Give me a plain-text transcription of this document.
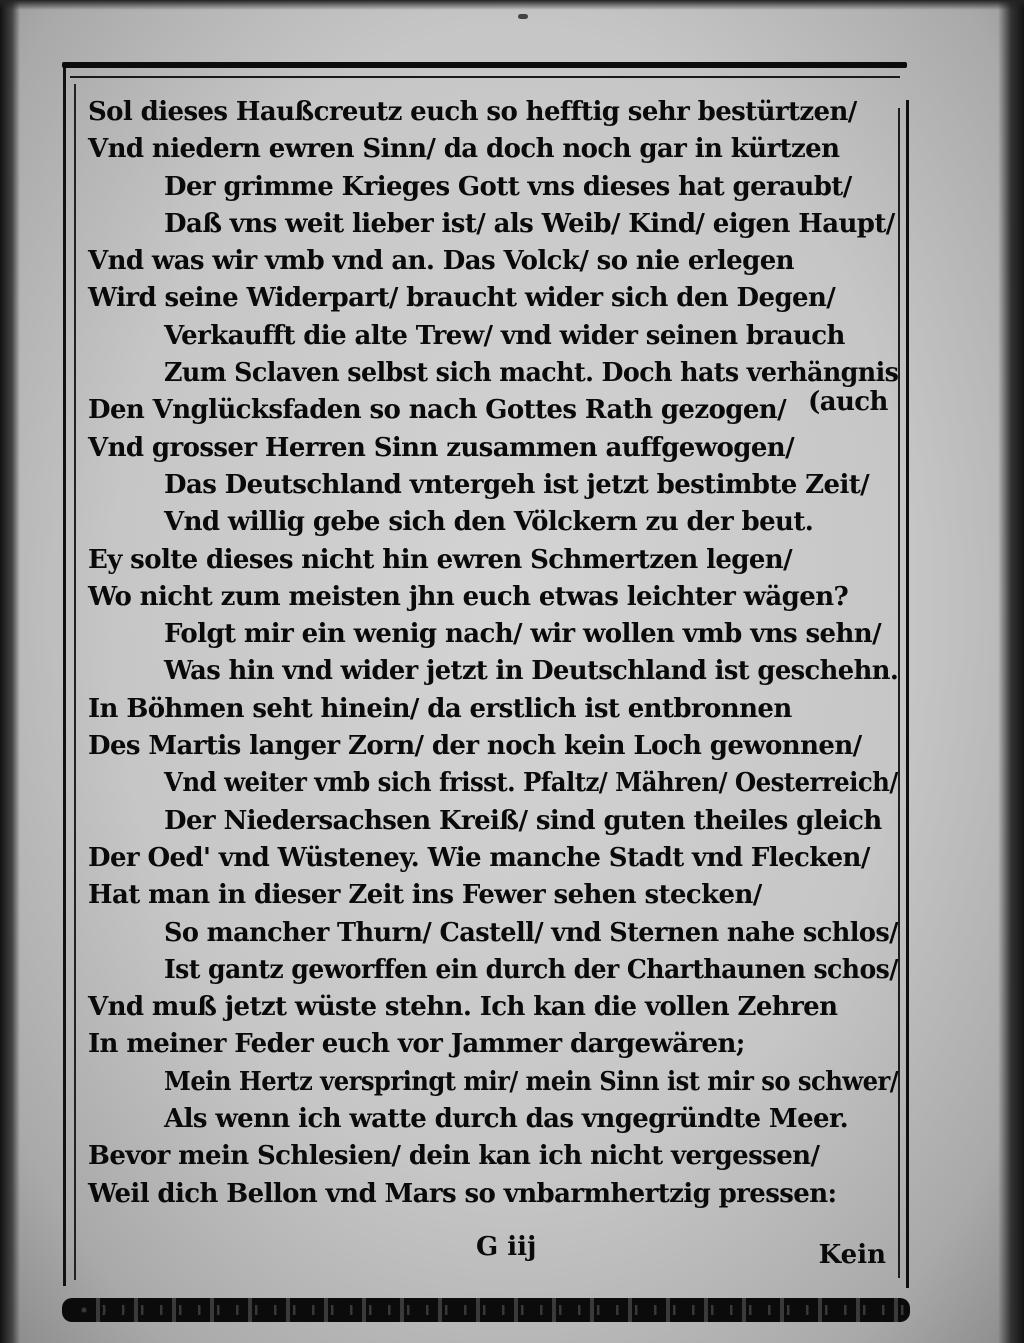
Sol dieses Haußcreutz euch so hefftig sehr bestürtzen/
Vnd niedern ewren Sinn/ da doch noch gar in kürtzen
Der grimme Krieges Gott vns dieses hat geraubt/
Daß vns weit lieber ist/ als Weib/ Kind/ eigen Haupt/
Vnd was wir vmb vnd an. Das Volck/ so nie erlegen
Wird seine Widerpart/ braucht wider sich den Degen/
Verkaufft die alte Trew/ vnd wider seinen brauch
Zum Sclaven selbst sich macht. Doch hats verhängnis
Den Vnglücksfaden so nach Gottes Rath gezogen/ (auch
Vnd grosser Herren Sinn zusammen auffgewogen/
Das Deutschland vntergeh ist jetzt bestimbte Zeit/
Vnd willig gebe sich den Völckern zu der beut.
Ey solte dieses nicht hin ewren Schmertzen legen/
Wo nicht zum meisten jhn euch etwas leichter wägen?
Folgt mir ein wenig nach/ wir wollen vmb vns sehn/
Was hin vnd wider jetzt in Deutschland ist geschehn.
In Böhmen seht hinein/ da erstlich ist entbronnen
Des Martis langer Zorn/ der noch kein Loch gewonnen/
Vnd weiter vmb sich frisst. Pfaltz/ Mähren/ Oesterreich/
Der Niedersachsen Kreiß/ sind guten theiles gleich
Der Oed' vnd Wüsteney. Wie manche Stadt vnd Flecken/
Hat man in dieser Zeit ins Fewer sehen stecken/
So mancher Thurn/ Castell/ vnd Sternen nahe schlos/
Ist gantz geworffen ein durch der Charthaunen schos/
Vnd muß jetzt wüste stehn. Ich kan die vollen Zehren
In meiner Feder euch vor Jammer dargewären;
Mein Hertz verspringt mir/ mein Sinn ist mir so schwer/
Als wenn ich watte durch das vngegründte Meer.
Bevor mein Schlesien/ dein kan ich nicht vergessen/
Weil dich Bellon vnd Mars so vnbarmhertzig pressen:
G iij	Kein
